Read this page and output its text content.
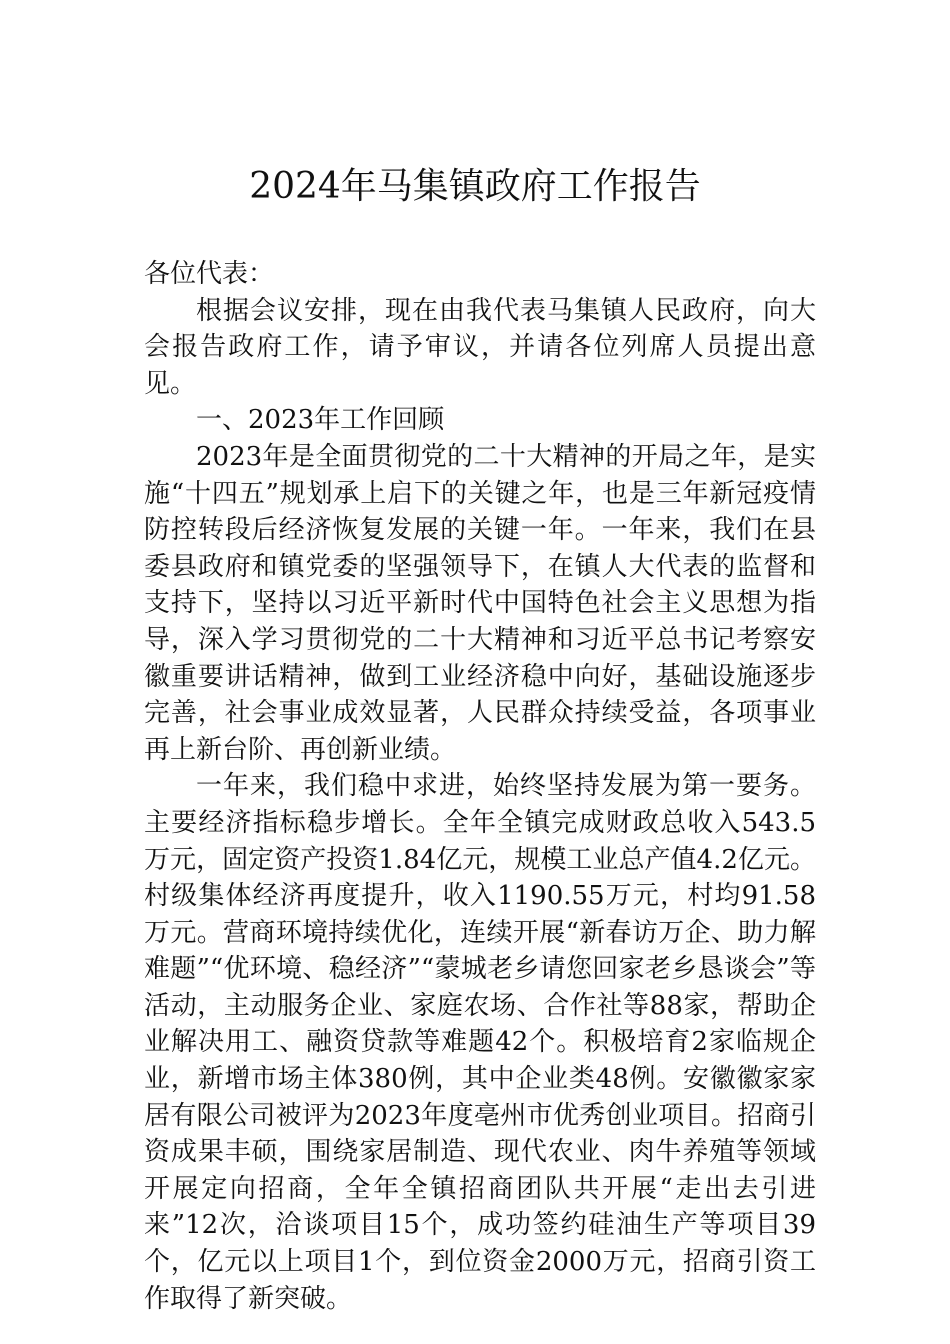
2024年马集镇政府工作报告

各位代表：

根据会议安排，现在由我代表马集镇人民政府，向大会报告政府工作，请予审议，并请各位列席人员提出意见。

一、2023年工作回顾

2023年是全面贯彻党的二十大精神的开局之年，是实施“十四五”规划承上启下的关键之年，也是三年新冠疫情防控转段后经济恢复发展的关键一年。一年来，我们在县委县政府和镇党委的坚强领导下，在镇人大代表的监督和支持下，坚持以习近平新时代中国特色社会主义思想为指导，深入学习贯彻党的二十大精神和习近平总书记考察安徽重要讲话精神，做到工业经济稳中向好，基础设施逐步完善，社会事业成效显著，人民群众持续受益，各项事业再上新台阶、再创新业绩。

一年来，我们稳中求进，始终坚持发展为第一要务。主要经济指标稳步增长。全年全镇完成财政总收入543.5万元，固定资产投资1.84亿元，规模工业总产值4.2亿元。村级集体经济再度提升，收入1190.55万元，村均91.58万元。营商环境持续优化，连续开展“新春访万企、助力解难题”“优环境、稳经济”“蒙城老乡请您回家老乡恳谈会”等活动，主动服务企业、家庭农场、合作社等88家，帮助企业解决用工、融资贷款等难题42个。积极培育2家临规企业，新增市场主体380例，其中企业类48例。安徽徽家家居有限公司被评为2023年度亳州市优秀创业项目。招商引资成果丰硕，围绕家居制造、现代农业、肉牛养殖等领域开展定向招商，全年全镇招商团队共开展“走出去引进来”12次，洽谈项目15个，成功签约硅油生产等项目39个，亿元以上项目1个，到位资金2000万元，招商引资工作取得了新突破。
